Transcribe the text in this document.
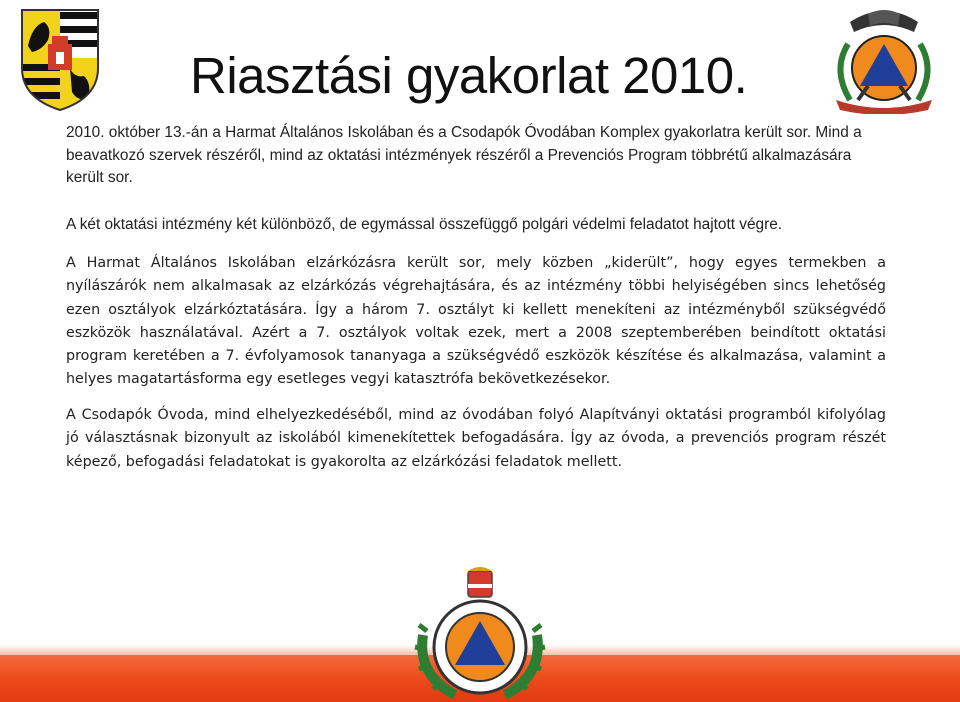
Riasztási gyakorlat 2010.

2010. október 13.-án a Harmat Általános Iskolában és a Csodapók Óvodában Komplex gyakorlatra került sor. Mind a beavatkozó szervek részéről, mind az oktatási intézmények részéről a Prevenciós Program többrétű alkalmazására került sor.

A két oktatási intézmény két különböző, de egymással összefüggő polgári védelmi feladatot hajtott végre.

A Harmat Általános Iskolában elzárkózásra került sor, mely közben „kiderült”, hogy egyes termekben a nyílászárók nem alkalmasak az elzárkózás végrehajtására, és az intézmény többi helyiségében sincs lehetőség ezen osztályok elzárkóztatására. Így a három 7. osztályt ki kellett menekíteni az intézményből szükségvédő eszközök használatával. Azért a 7. osztályok voltak ezek, mert a 2008 szeptemberében beindított oktatási program keretében a 7. évfolyamosok tananyaga a szükségvédő eszközök készítése és alkalmazása, valamint a helyes magatartásforma egy esetleges vegyi katasztrófa bekövetkezésekor.

A Csodapók Óvoda, mind elhelyezkedéséből, mind az óvodában folyó Alapítványi oktatási programból kifolyólag jó választásnak bizonyult az iskolából kimenekítettek befogadására. Így az óvoda, a prevenciós program részét képező, befogadási feladatokat is gyakorolta az elzárkózási feladatok mellett.
